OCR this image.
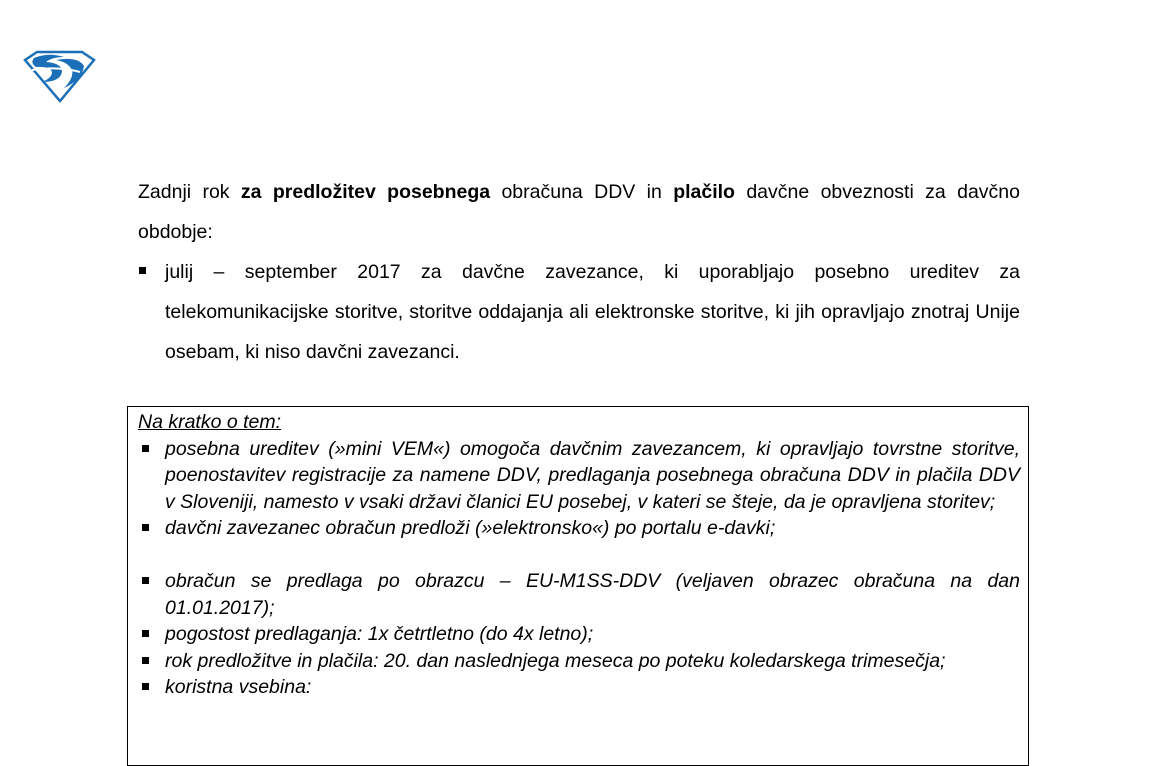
Zadnji rok za predložitev posebnega obračuna DDV in plačilo davčne obveznosti za davčno obdobje:

julij – september 2017 za davčne zavezance, ki uporabljajo posebno ureditev za telekomunikacijske storitve, storitve oddajanja ali elektronske storitve, ki jih opravljajo znotraj Unije osebam, ki niso davčni zavezanci.

Na kratko o tem:

posebna ureditev (»mini VEM«) omogoča davčnim zavezancem, ki opravljajo tovrstne storitve, poenostavitev registracije za namene DDV, predlaganja posebnega obračuna DDV in plačila DDV v Sloveniji, namesto v vsaki državi članici EU posebej, v kateri se šteje, da je opravljena storitev;
davčni zavezanec obračun predloži (»elektronsko«) po portalu e-davki;
obračun se predlaga po obrazcu – EU-M1SS-DDV (veljaven obrazec obračuna na dan 01.01.2017);
pogostost predlaganja: 1x četrtletno (do 4x letno);
rok predložitve in plačila: 20. dan naslednjega meseca po poteku koledarskega trimesečja;
koristna vsebina:
